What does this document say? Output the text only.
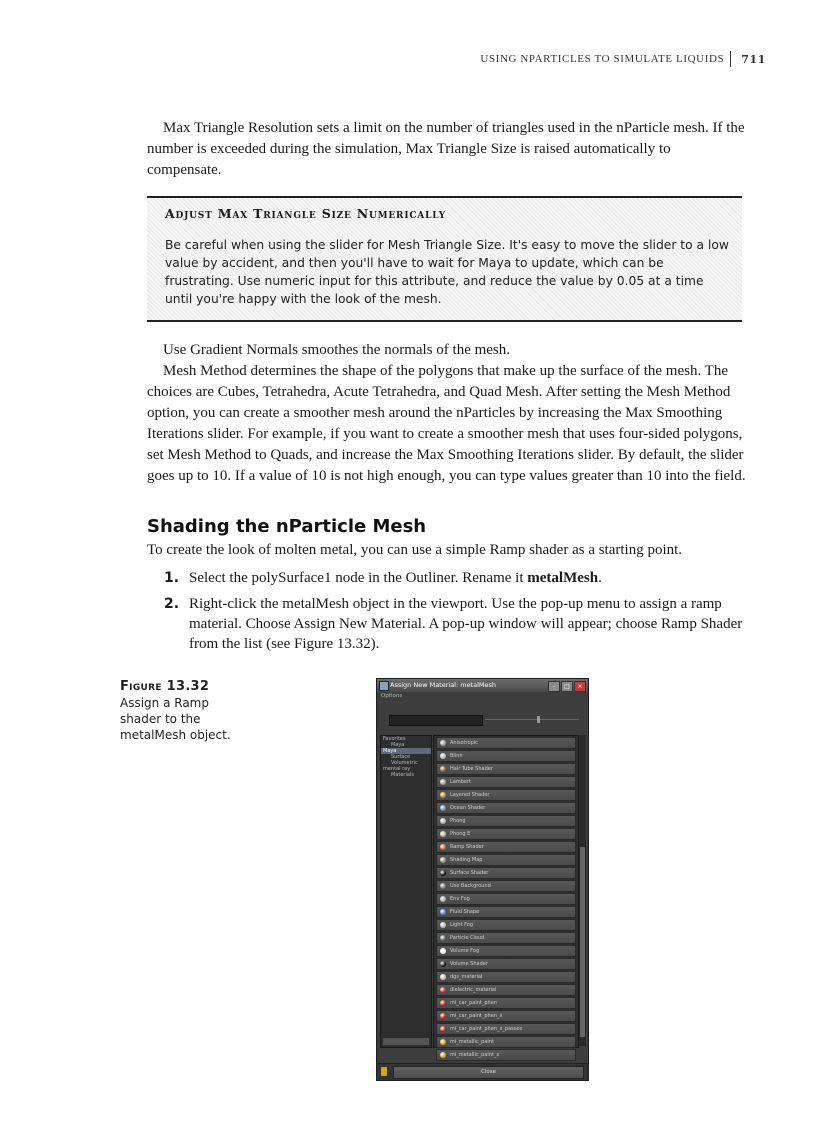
USING NPARTICLES TO SIMULATE LIQUIDS 711

Max Triangle Resolution sets a limit on the number of triangles used in the nParticle mesh. If the number is exceeded during the simulation, Max Triangle Size is raised automatically to compensate.

Adjust Max Triangle Size Numerically
Be careful when using the slider for Mesh Triangle Size. It's easy to move the slider to a low value by accident, and then you'll have to wait for Maya to update, which can be frustrating. Use numeric input for this attribute, and reduce the value by 0.05 at a time until you're happy with the look of the mesh.

Use Gradient Normals smoothes the normals of the mesh.

Mesh Method determines the shape of the polygons that make up the surface of the mesh. The choices are Cubes, Tetrahedra, Acute Tetrahedra, and Quad Mesh. After setting the Mesh Method option, you can create a smoother mesh around the nParticles by increasing the Max Smoothing Iterations slider. For example, if you want to create a smoother mesh that uses four-sided polygons, set Mesh Method to Quads, and increase the Max Smoothing Iterations slider. By default, the slider goes up to 10. If a value of 10 is not high enough, you can type values greater than 10 into the field.

Shading the nParticle Mesh
To create the look of molten metal, you can use a simple Ramp shader as a starting point.
1. Select the polySurface1 node in the Outliner. Rename it metalMesh.
2. Right-click the metalMesh object in the viewport. Use the pop-up menu to assign a ramp material. Choose Assign New Material. A pop-up window will appear; choose Ramp Shader from the list (see Figure 13.32).
Figure 13.32
Assign a Ramp shader to the metalMesh object.
Assign New Material: metalMesh	–	□	×
Options
Favorites
Maya
Maya
Surface
Volumetric
mental ray
Materials
Anisotropic
Blinn
Hair Tube Shader
Lambert
Layered Shader
Ocean Shader
Phong
Phong E
Ramp Shader
Shading Map
Surface Shader
Use Background
Env Fog
Fluid Shape
Light Fog
Particle Cloud
Volume Fog
Volume Shader
dgs_material
dielectric_material
mi_car_paint_phen
mi_car_paint_phen_x
mi_car_paint_phen_x_passes
mi_metallic_paint
mi_metallic_paint_x
Close
